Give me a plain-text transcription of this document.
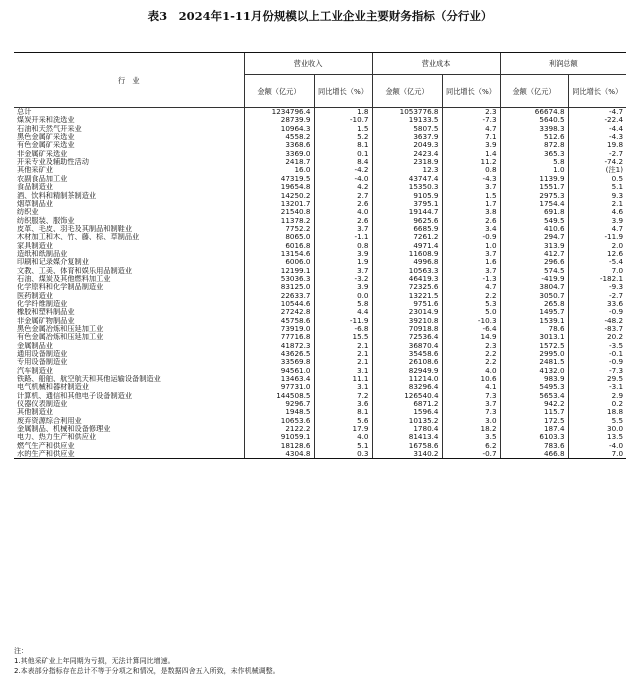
表3　2024年1-11月份规模以上工业企业主要财务指标（分行业）
行　业	营业收入		营业成本		利润总额	
	金额（亿元）	同比增长（%）	金额（亿元）	同比增长（%）	金额（亿元）	同比增长（%）
总计	1234796.4	1.8	1053776.8	2.3	66674.8	-4.7
煤炭开采和洗选业	28739.9	-10.7	19133.5	-7.3	5640.5	-22.4
石油和天然气开采业	10964.3	1.5	5807.5	4.7	3398.3	-4.4
黑色金属矿采选业	4558.2	5.2	3637.9	7.1	512.6	-4.3
有色金属矿采选业	3368.6	8.1	2049.3	3.9	872.8	19.8
非金属矿采选业	3369.0	0.1	2423.4	1.4	365.3	-2.7
开采专业及辅助性活动	2418.7	8.4	2318.9	11.2	5.8	-74.2
其他采矿业	16.0	-4.2	12.3	0.8	1.0	(注1)
农副食品加工业	47319.5	-4.0	43747.4	-4.3	1139.9	0.5
食品制造业	19654.8	4.2	15350.3	3.7	1551.7	5.1
酒、饮料和精制茶制造业	14250.2	2.7	9105.9	1.5	2975.3	9.3
烟草制品业	13201.7	2.6	3795.1	1.7	1754.4	2.1
纺织业	21540.8	4.0	19144.7	3.8	691.8	4.6
纺织服装、服饰业	11378.2	2.6	9625.6	2.6	549.5	3.9
皮革、毛皮、羽毛及其制品和制鞋业	7752.2	3.7	6685.9	3.4	410.6	4.7
木材加工和木、竹、藤、棕、草制品业	8065.0	-1.1	7261.2	-0.9	294.7	-11.9
家具制造业	6016.8	0.8	4971.4	1.0	313.9	2.0
造纸和纸制品业	13154.6	3.9	11608.9	3.7	412.7	12.6
印刷和记录媒介复制业	6006.0	1.9	4996.8	1.6	296.6	-5.4
文教、工美、体育和娱乐用品制造业	12199.1	3.7	10563.3	3.7	574.5	7.0
石油、煤炭及其他燃料加工业	53036.3	-3.2	46419.3	-1.3	-419.9	-182.1
化学原料和化学制品制造业	83125.0	3.9	72325.6	4.7	3804.7	-9.3
医药制造业	22633.7	0.0	13221.5	2.2	3050.7	-2.7
化学纤维制造业	10544.6	5.8	9751.6	5.3	265.8	33.6
橡胶和塑料制品业	27242.8	4.4	23014.9	5.0	1495.7	-0.9
非金属矿物制品业	45758.6	-11.9	39210.8	-10.3	1539.1	-48.2
黑色金属冶炼和压延加工业	73919.0	-6.8	70918.8	-6.4	78.6	-83.7
有色金属冶炼和压延加工业	77716.8	15.5	72536.4	14.9	3013.1	20.2
金属制品业	41872.3	2.1	36870.4	2.3	1572.5	-3.5
通用设备制造业	43626.5	2.1	35458.6	2.2	2995.0	-0.1
专用设备制造业	33569.8	2.1	26108.6	2.2	2481.5	-0.9
汽车制造业	94561.0	3.1	82949.9	4.0	4132.0	-7.3
铁路、船舶、航空航天和其他运输设备制造业	13463.4	11.1	11214.0	10.6	983.9	29.5
电气机械和器材制造业	97731.0	3.1	83296.4	4.1	5495.3	-3.1
计算机、通信和其他电子设备制造业	144508.5	7.2	126540.4	7.3	5653.4	2.9
仪器仪表制造业	9296.7	3.6	6871.2	3.7	942.2	0.2
其他制造业	1948.5	8.1	1596.4	7.3	115.7	18.8
废弃资源综合利用业	10653.6	5.6	10135.2	3.0	172.5	5.5
金属制品、机械和设备修理业	2122.2	17.9	1780.4	18.2	187.4	30.0
电力、热力生产和供应业	91059.1	4.0	81413.4	3.5	6103.3	13.5
燃气生产和供应业	18128.6	5.1	16758.6	6.2	783.6	-4.0
水的生产和供应业	4304.8	0.3	3140.2	-0.7	466.8	7.0
注：
1.其他采矿业上年同期为亏损，无法计算同比增速。
2.本表部分指标存在总计不等于分项之和情况，是数据四舍五入所致，未作机械调整。
